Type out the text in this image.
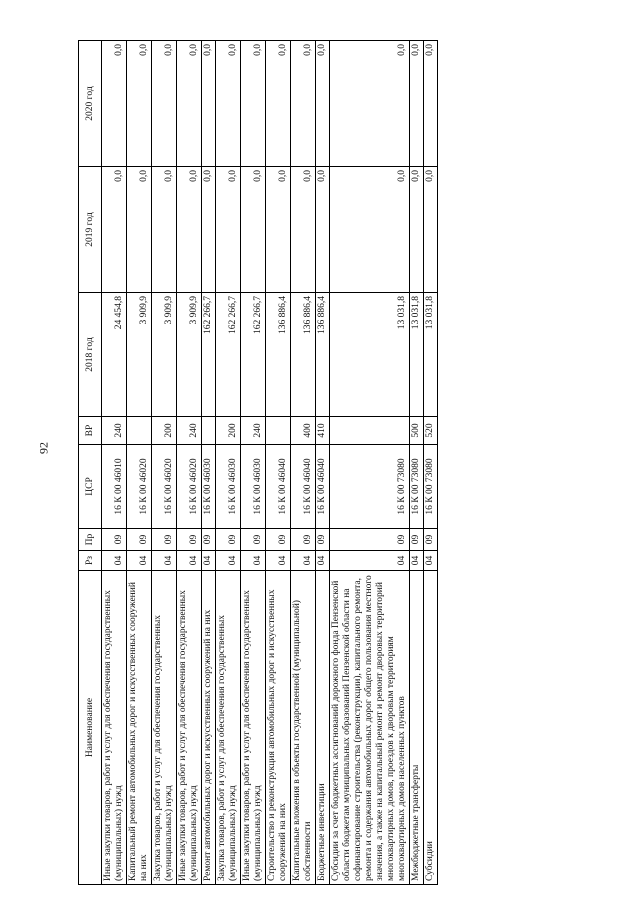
92
Наименование	Рз	Пр	ЦСР	ВР	2018 год	2019 год	2020 год
Иные закупки товаров, работ и услуг для обеспечения государственных (муниципальных) нужд	04	09	16 К 00 46010	240	24 454,8	0,0	0,0
Капитальный ремонт автомобильных дорог и искусственных сооружений на них	04	09	16 К 00 46020		3 909,9	0,0	0,0
Закупка товаров, работ и услуг для обеспечения государственных (муниципальных) нужд	04	09	16 К 00 46020	200	3 909,9	0,0	0,0
Иные закупки товаров, работ и услуг для обеспечения государственных (муниципальных) нужд	04	09	16 К 00 46020	240	3 909,9	0,0	0,0
Ремонт автомобильных дорог и искусственных сооружений на них	04	09	16 К 00 46030		162 266,7	0,0	0,0
Закупка товаров, работ и услуг для обеспечения государственных (муниципальных) нужд	04	09	16 К 00 46030	200	162 266,7	0,0	0,0
Иные закупки товаров, работ и услуг для обеспечения государственных (муниципальных) нужд	04	09	16 К 00 46030	240	162 266,7	0,0	0,0
Строительство и реконструкция автомобильных дорог и искусственных сооружений на них	04	09	16 К 00 46040		136 886,4	0,0	0,0
Капитальные вложения в объекты государственной (муниципальной) собственности	04	09	16 К 00 46040	400	136 886,4	0,0	0,0
Бюджетные инвестиции	04	09	16 К 00 46040	410	136 886,4	0,0	0,0
Субсидии за счет бюджетных ассигнований дорожного фонда Пензенской области бюджетам муниципальных образований Пензенской области на софинансирование строительства (реконструкции), капитального ремонта, ремонта и содержания автомобильных дорог общего пользования местного значения, а также на капитальный ремонт и ремонт дворовых территорий многоквартирных домов, проездов к дворовым территориям многоквартирных домов населенных пунктов	04	09	16 К 00 73080		13 031,8	0,0	0,0
Межбюджетные трансферты	04	09	16 К 00 73080	500	13 031,8	0,0	0,0
Субсидии	04	09	16 К 00 73080	520	13 031,8	0,0	0,0
